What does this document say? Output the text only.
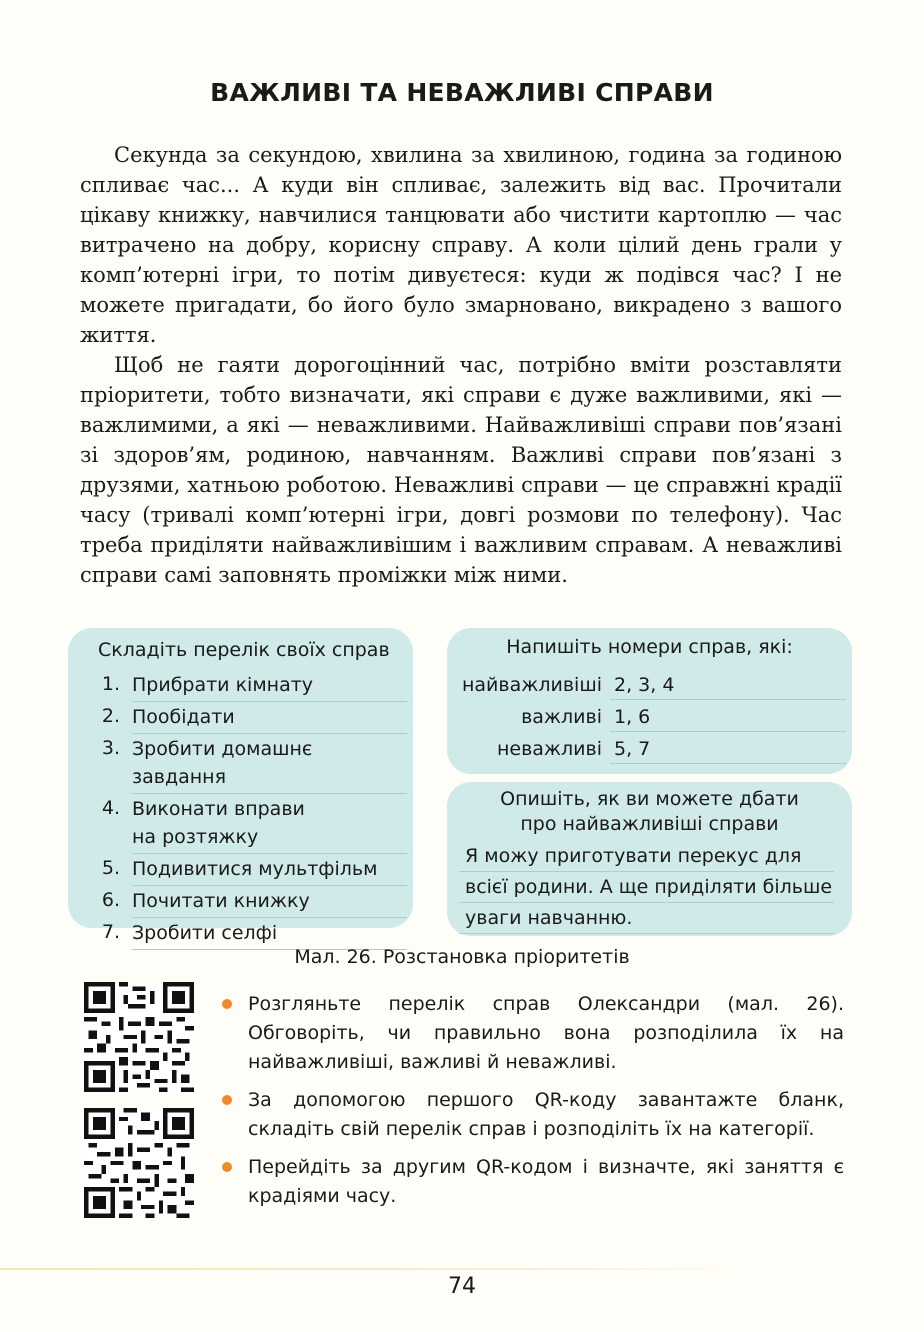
ВАЖЛИВІ ТА НЕВАЖЛИВІ СПРАВИ

Секунда за секундою, хвилина за хвилиною, година за годиною спливає час... А куди він спливає, залежить від вас. Прочитали цікаву книжку, навчилися танцювати або чистити картоплю — час витрачено на добру, корисну справу. А коли цілий день грали у комп’ютерні ігри, то потім дивуєтеся: куди ж подівся час? І не можете пригадати, бо його було змарновано, викрадено з вашого життя.

Щоб не гаяти дорогоцінний час, потрібно вміти розставляти пріоритети, тобто визначати, які справи є дуже важливими, які — важлимими, а які — неважливими. Найважливіші справи пов’язані зі здоров’ям, родиною, навчанням. Важливі справи пов’язані з друзями, хатньою роботою. Неважливі справи — це справжні крадії часу (тривалі комп’ютерні ігри, довгі розмови по телефону). Час треба приділяти найважливішим і важливим справам. А неважливі справи самі заповнять проміжки між ними.

Складіть перелік своїх справ
1. Прибрати кімнату
2. Пообідати
3. Зробити домашнє завдання
4. Виконати вправи
на розтяжку
5. Подивитися мультфільм
6. Почитати книжку
7. Зробити селфі
Напишіть номери справ, які:
найважливіші 2, 3, 4
важливі 1, 6
неважливі 5, 7
Опишіть, як ви можете дбати
про найважливіші справи
Я можу приготувати перекус для
всієї родини. А ще приділяти більше
уваги навчанню.
Мал. 26. Розстановка пріоритетів
Розгляньте перелік справ Олександри (мал. 26). Обговоріть, чи правильно вона розподілила їх на найважливіші, важливі й неважливі.
За допомогою першого QR-коду завантажте бланк, складіть свій перелік справ і розподіліть їх на категорії.
Перейдіть за другим QR-кодом і визначте, які заняття є крадіями часу.
74
